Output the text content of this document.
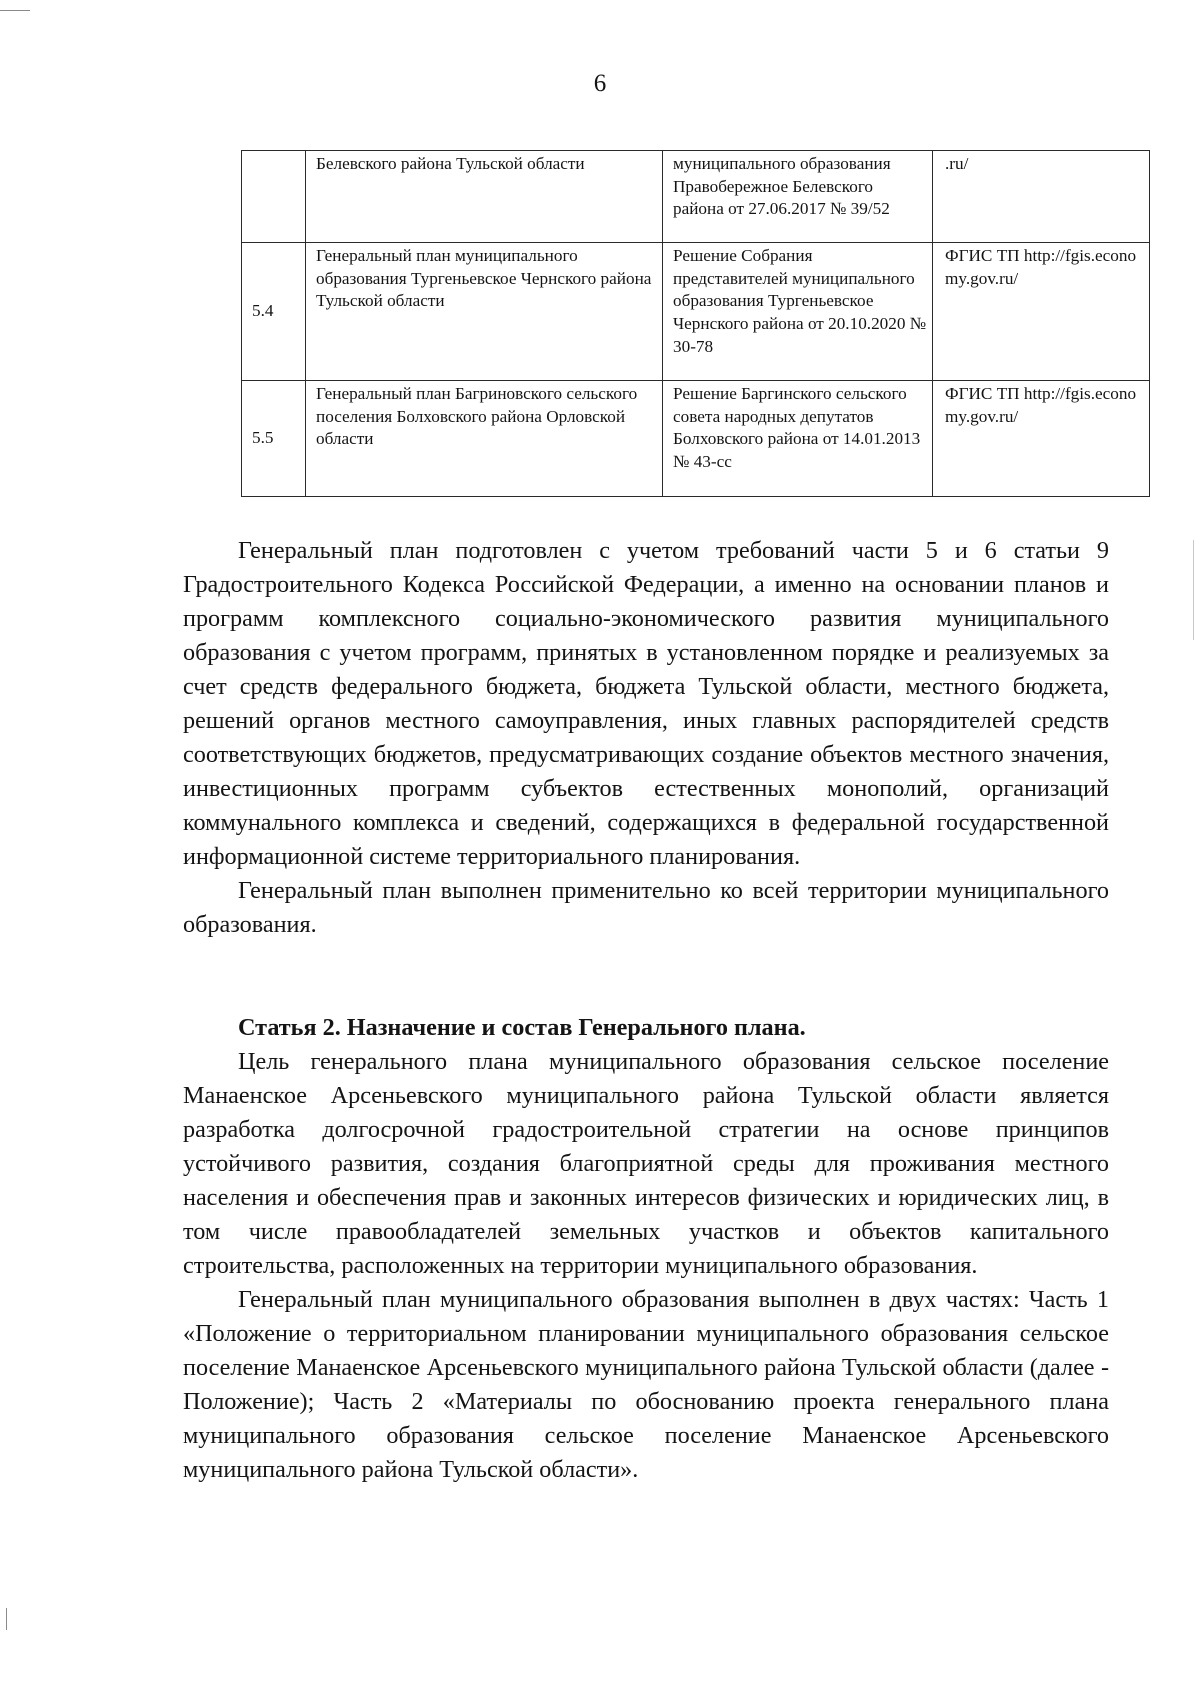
6
	Белевского района Тульской области	муниципального образования Правобережное Белевского района от 27.06.2017 № 39/52	.ru/
5.4	Генеральный план муниципального образования Тургеньевское Чернского района Тульской области	Решение Собрания представителей муниципального образования Тургеньевское Чернского района от 20.10.2020 № 30-78	ФГИС ТП http://fgis.economy.gov.ru/
5.5	Генеральный план Багриновского сельского поселения Болховского района Орловской области	Решение Баргинского сельского совета народных депутатов Болховского района от 14.01.2013 № 43-сс	ФГИС ТП http://fgis.economy.gov.ru/

Генеральный план подготовлен с учетом требований части 5 и 6 статьи 9 Градостроительного Кодекса Российской Федерации, а именно на основании планов и программ комплексного социально-экономического развития муниципального образования с учетом программ, принятых в установленном порядке и реализуемых за счет средств федерального бюджета, бюджета Тульской области, местного бюджета, решений органов местного самоуправления, иных главных распорядителей средств соответствующих бюджетов, предусматривающих создание объектов местного значения, инвестиционных программ субъектов естественных монополий, организаций коммунального комплекса и сведений, содержащихся в федеральной государственной информационной системе территориального планирования.

Генеральный план выполнен применительно ко всей территории муниципального образования.

Статья 2. Назначение и состав Генерального плана.

Цель генерального плана муниципального образования сельское поселение Манаенское Арсеньевского муниципального района Тульской области является разработка долгосрочной градостроительной стратегии на основе принципов устойчивого развития, создания благоприятной среды для проживания местного населения и обеспечения прав и законных интересов физических и юридических лиц, в том числе правообладателей земельных участков и объектов капитального строительства, расположенных на территории муниципального образования.

Генеральный план муниципального образования выполнен в двух частях: Часть 1 «Положение о территориальном планировании муниципального образования сельское поселение Манаенское Арсеньевского муниципального района Тульской области (далее - Положение); Часть 2 «Материалы по обоснованию проекта генерального плана муниципального образования сельское поселение Манаенское Арсеньевского муниципального района Тульской области».
